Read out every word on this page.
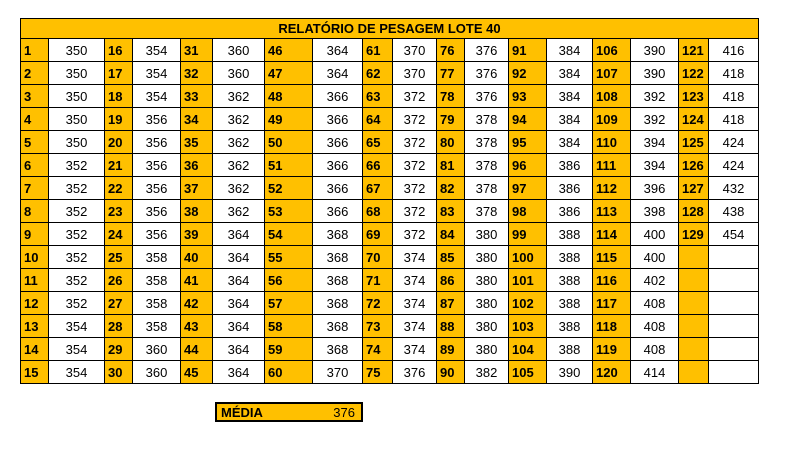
RELATÓRIO DE PESAGEM LOTE 40																	
1	350	16	354	31	360	46	364	61	370	76	376	91	384	106	390	121	416
2	350	17	354	32	360	47	364	62	370	77	376	92	384	107	390	122	418
3	350	18	354	33	362	48	366	63	372	78	376	93	384	108	392	123	418
4	350	19	356	34	362	49	366	64	372	79	378	94	384	109	392	124	418
5	350	20	356	35	362	50	366	65	372	80	378	95	384	110	394	125	424
6	352	21	356	36	362	51	366	66	372	81	378	96	386	111	394	126	424
7	352	22	356	37	362	52	366	67	372	82	378	97	386	112	396	127	432
8	352	23	356	38	362	53	366	68	372	83	378	98	386	113	398	128	438
9	352	24	356	39	364	54	368	69	372	84	380	99	388	114	400	129	454
10	352	25	358	40	364	55	368	70	374	85	380	100	388	115	400		
11	352	26	358	41	364	56	368	71	374	86	380	101	388	116	402		
12	352	27	358	42	364	57	368	72	374	87	380	102	388	117	408		
13	354	28	358	43	364	58	368	73	374	88	380	103	388	118	408		
14	354	29	360	44	364	59	368	74	374	89	380	104	388	119	408		
15	354	30	360	45	364	60	370	75	376	90	382	105	390	120	414		
MÉDIA	376
